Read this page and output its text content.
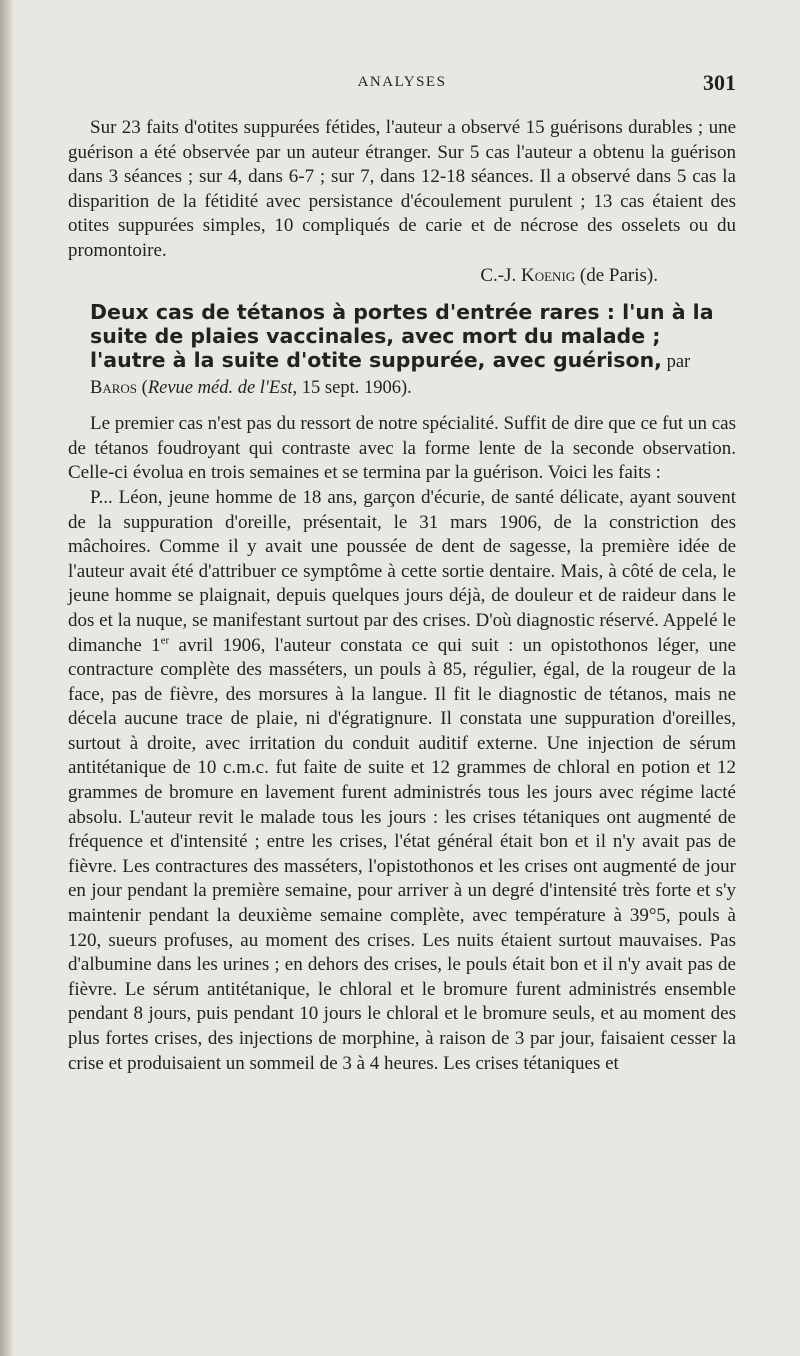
ANALYSES	301

Sur 23 faits d'otites suppurées fétides, l'auteur a observé 15 guérisons durables ; une guérison a été observée par un auteur étranger. Sur 5 cas l'auteur a obtenu la guérison dans 3 séances ; sur 4, dans 6-7 ; sur 7, dans 12-18 séances. Il a observé dans 5 cas la disparition de la fétidité avec persistance d'écoulement purulent ; 13 cas étaient des otites suppurées simples, 10 compliqués de carie et de nécrose des osselets ou du promontoire.

C.-J. Koenig (de Paris).

Deux cas de tétanos à portes d'entrée rares : l'un à la suite de plaies vaccinales, avec mort du malade ; l'autre à la suite d'otite suppurée, avec guérison, par Baros (Revue méd. de l'Est, 15 sept. 1906).

Le premier cas n'est pas du ressort de notre spécialité. Suffit de dire que ce fut un cas de tétanos foudroyant qui contraste avec la forme lente de la seconde observation. Celle-ci évolua en trois semaines et se termina par la guérison. Voici les faits :

P... Léon, jeune homme de 18 ans, garçon d'écurie, de santé délicate, ayant souvent de la suppuration d'oreille, présentait, le 31 mars 1906, de la constriction des mâchoires. Comme il y avait une poussée de dent de sagesse, la première idée de l'auteur avait été d'attribuer ce symptôme à cette sortie dentaire. Mais, à côté de cela, le jeune homme se plaignait, depuis quelques jours déjà, de douleur et de raideur dans le dos et la nuque, se manifestant surtout par des crises. D'où diagnostic réservé. Appelé le dimanche 1er avril 1906, l'auteur constata ce qui suit : un opistothonos léger, une contracture complète des masséters, un pouls à 85, régulier, égal, de la rougeur de la face, pas de fièvre, des morsures à la langue. Il fit le diagnostic de tétanos, mais ne décela aucune trace de plaie, ni d'égratignure. Il constata une suppuration d'oreilles, surtout à droite, avec irritation du conduit auditif externe. Une injection de sérum antitétanique de 10 c.m.c. fut faite de suite et 12 grammes de chloral en potion et 12 grammes de bromure en lavement furent administrés tous les jours avec régime lacté absolu. L'auteur revit le malade tous les jours : les crises tétaniques ont augmenté de fréquence et d'intensité ; entre les crises, l'état général était bon et il n'y avait pas de fièvre. Les contractures des masséters, l'opistothonos et les crises ont augmenté de jour en jour pendant la première semaine, pour arriver à un degré d'intensité très forte et s'y maintenir pendant la deuxième semaine complète, avec température à 39°5, pouls à 120, sueurs profuses, au moment des crises. Les nuits étaient surtout mauvaises. Pas d'albumine dans les urines ; en dehors des crises, le pouls était bon et il n'y avait pas de fièvre. Le sérum antitétanique, le chloral et le bromure furent administrés ensemble pendant 8 jours, puis pendant 10 jours le chloral et le bromure seuls, et au moment des plus fortes crises, des injections de morphine, à raison de 3 par jour, faisaient cesser la crise et produisaient un sommeil de 3 à 4 heures. Les crises tétaniques et
